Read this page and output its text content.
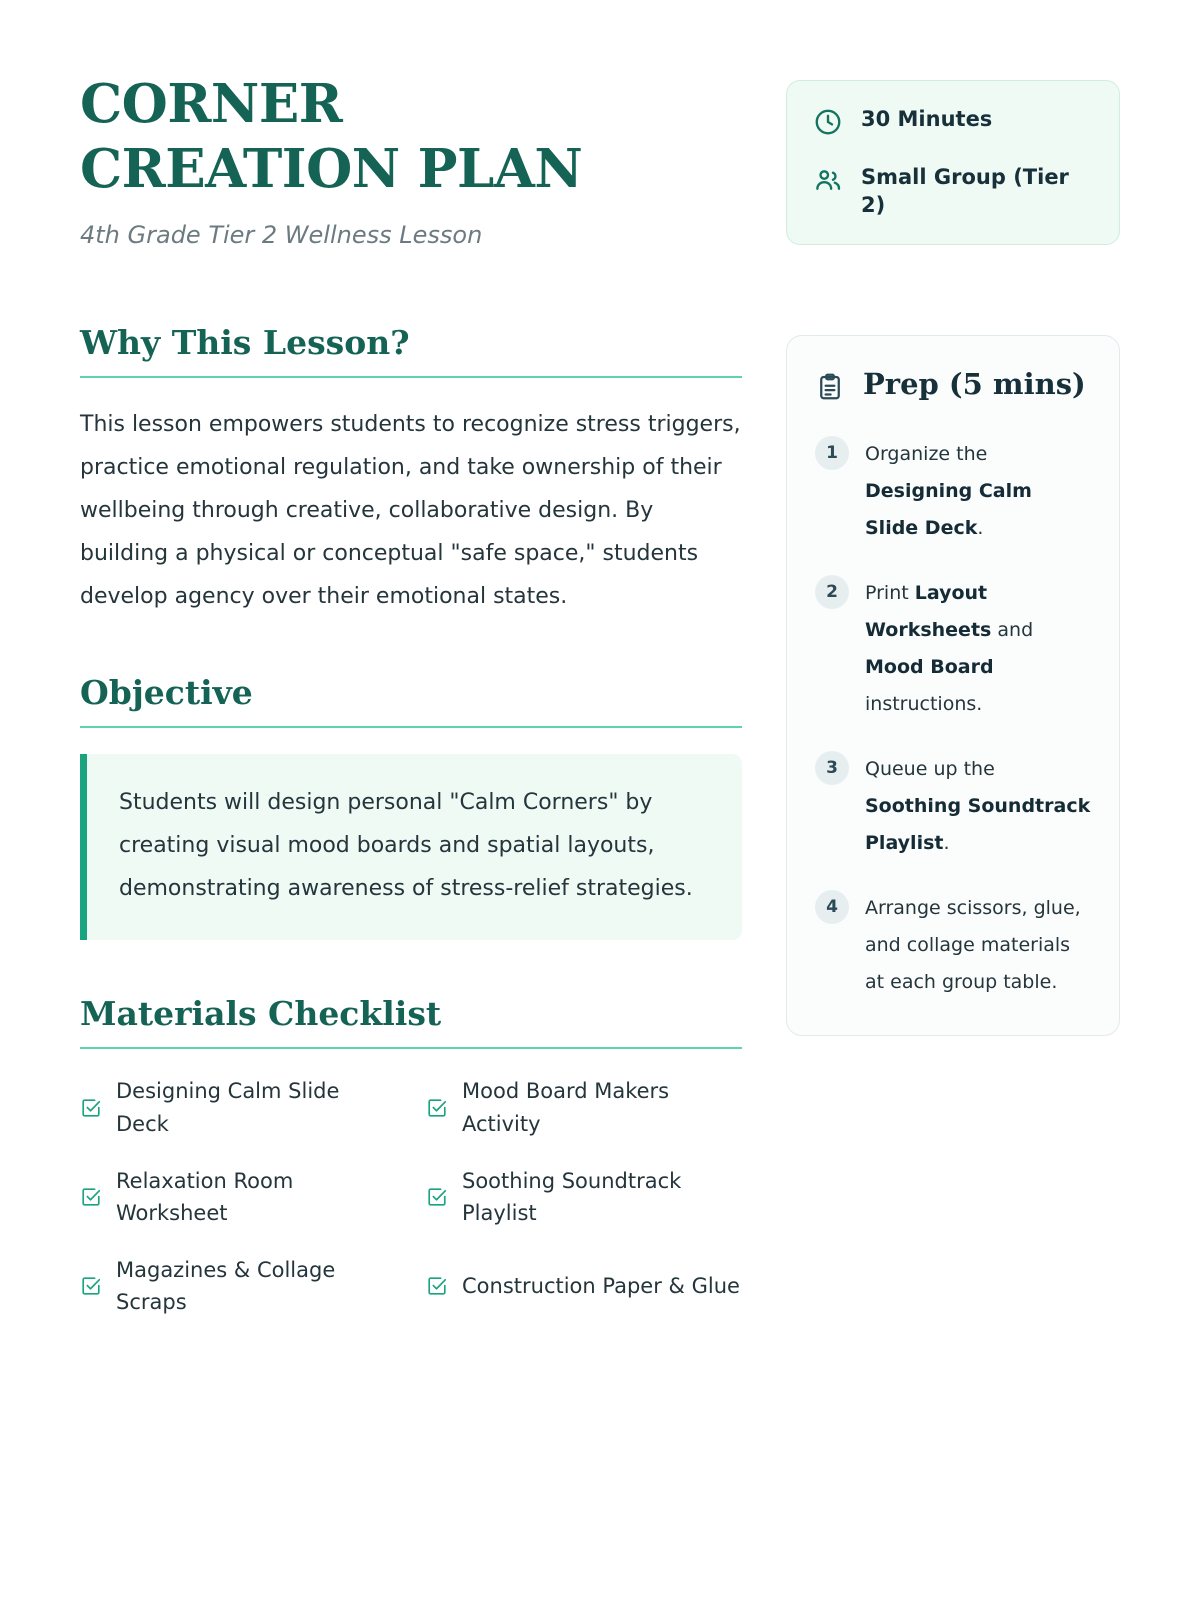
CORNER CREATION PLAN
4th Grade Tier 2 Wellness Lesson
Why This Lesson?

This lesson empowers students to recognize stress triggers, practice emotional regulation, and take ownership of their wellbeing through creative, collaborative design. By building a physical or conceptual "safe space," students develop agency over their emotional states.

Objective

Students will design personal "Calm Corners" by creating visual mood boards and spatial layouts, demonstrating awareness of stress-relief strategies.

Materials Checklist
Designing Calm Slide Deck
Mood Board Makers Activity
Relaxation Room Worksheet
Soothing Soundtrack Playlist
Magazines & Collage Scraps
Construction Paper & Glue
30 Minutes
Small Group (Tier 2)
Prep (5 mins)
1	Organize the Designing Calm Slide Deck.
2	Print Layout Worksheets and Mood Board instructions.
3	Queue up the Soothing Soundtrack Playlist.
4	Arrange scissors, glue, and collage materials at each group table.
